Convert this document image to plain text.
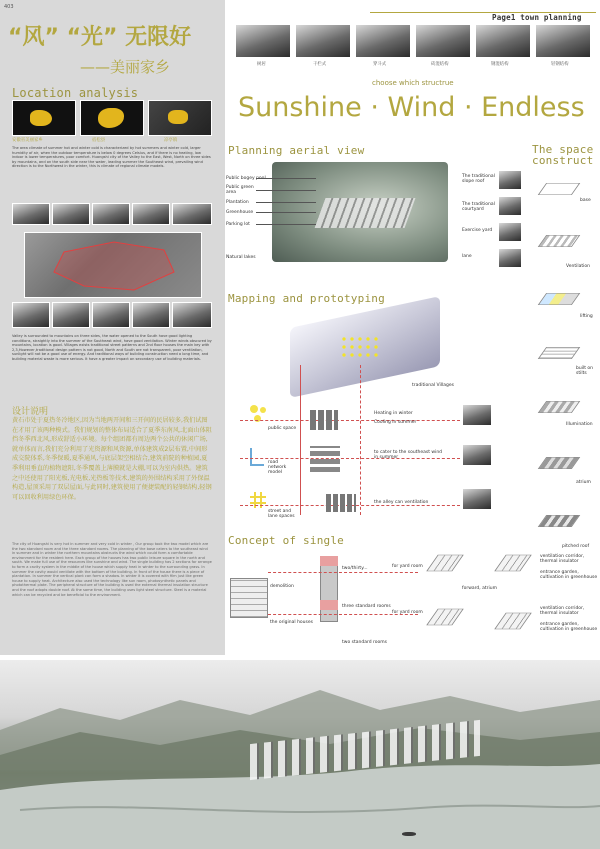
403
“风” “光” 无限好
——美丽家乡	树居	干栏式	穿斗式	砖混结构	钢混结构	轻钢结构
Page1 town planning
choose which structrue
Sunshine · Wind · Endless
Location analysis
安徽省美丽家乡	宿松县	凉亭镇
The area climate of summer hot and winter cold is characterized by hot summers and winter cold, larger humidity of air, when the outdoor temperature is below 0 degrees Celsius, and if there is no heating, low indoor is lower temperatures, poor comfort. Huangshi city of the Valley to the East, West, North on three sides by mountains, and on the south side near the water, leading summer the Southeast wind, prevailing wind direction is to the Northwest in the winter, this is climate of regional climate models.
Valley is surrounded to mountains on three sides, the water opened to the South have good lighting conditions, straightly into the summer of the Southeast wind, have good ventilation. Winter winds obscured by mountains, location is good. Villages exists traditional street patterns and 2nd floor houses the main key with 2,3,However,traditional design pattern is not good, North and South are not transparent, poor ventilation, sunlight will not be a good use of energy. And traditional ways of building construction need a long time, and building material waste is more serious. It have a greater impact on secondary use of building materials.
设计说明
黄石市处于夏热冬冷地区,因为当地两开间和三开间的民居较多,我们试图在才用了该两种模式。我们规划的整体布局适合了夏季东南风,北面山体阻挡冬季西北风,形成舒适小环境。每个组团都有周边两个公共的休闲广场,就单体而言,我们充分利用了光资源和风资源,单体建筑成2层布置,中间形成交院体系,冬季保暖,夏季通风,与底层架空相结合,建筑前院的种植园,夏季利用垂直的植物遮阳,冬季覆盖上薄膜就是大棚,可以为室内供热。建筑之中还使用了阳光板,光电板,光热板等技术,建筑的外围结构采用了外保温构造,屋顶采用了双层屋面,与此同时,建筑使用了便捷装配的轻钢结构,轻钢可以回收利用绿色环保。
The city of Huangshi is very hot in summer and very cold in winter , Our group took the two model which are the two standard room and the three standard rooms. The planning of the base caters to the southeast wind in summer and in winter the northern mountains obstructs the wind which could form a comfortable environment for the resident here. Each group of the houses has two public leisure square in the north and south. We make full use of the resources like sunshine and wind. The single building has 2 sections for arrange to form a cavity system in the middle of the house which supply heat in winter to the surrounding grass. In summer the cavity would ventilate with the bottom of the building. In front of the house there is a piece of plantation. In summer the vertical plant can form a shadow. In winter it is covered with film just like green house to supply heat. Architecture also used the technology like sun room, photosynthetic panels and photothermal plate. The peripheral structure of the building is used the external thermal insulation structure and the roof adopts double roof. At the same time, the building uses light steel structure. Steel is a material which can be recycled and be beneficial to the environment.
Planning aerial view
Public bogey pool
Public green area
Plantation
Greenhouse
Parking lot
Natural lakes
The traditional slope roof
The traditional courtyard
Exercise yard
lane
The space construct
base
Ventilation
lifting
built on stilts
Illumination
atrium
pitched roof
Mapping and prototyping
traditional Villages
public space
Heating in winter
Cooling in summer
road network model
to cater to the southeast wind in summer
street and lane spaces
the alley can ventilation
Concept of single
demolition
the original houses
two/thirty...
three standard rooms
two standard rooms
for yard room
for yard room
forward, atrium
ventilation corridor, thermal insulator
entrance garden, cultivation in greenhouse
ventilation corridor, thermal insulator
entrance garden, cultivation in greenhouse
